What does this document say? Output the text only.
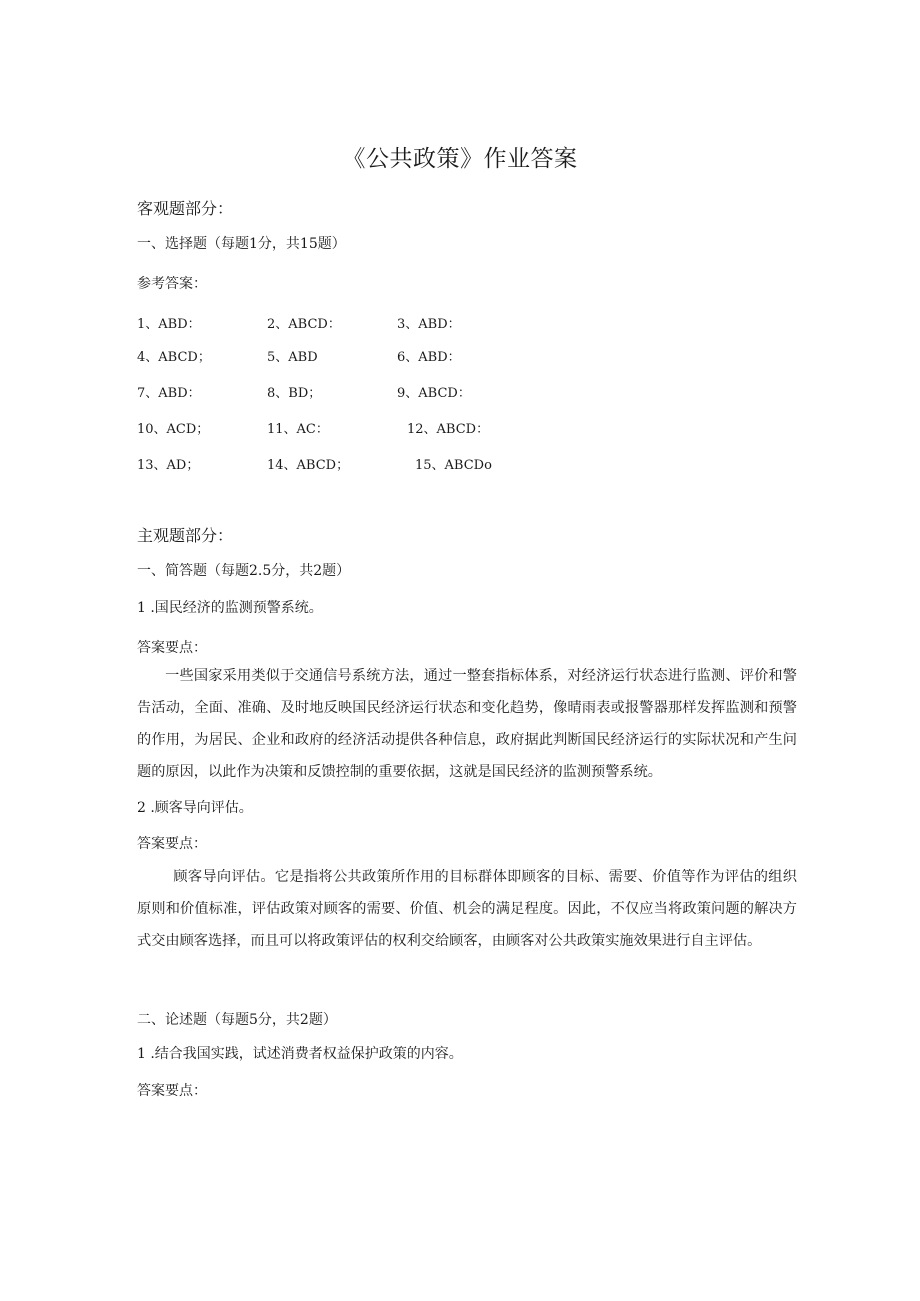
《公共政策》作业答案
客观题部分：
一、选择题（每题1分，共15题）
参考答案：
1、ABD：	2、ABCD：	3、ABD：
4、ABCD；	5、ABD	6、ABD：
7、ABD：	8、BD；	9、ABCD：
10、ACD；	11、AC：	12、ABCD：
13、AD；	14、ABCD；	15、ABCDo
主观题部分：
一、简答题（每题2.5分，共2题）
1 .国民经济的监测预警系统。
答案要点：
一些国家采用类似于交通信号系统方法，通过一整套指标体系，对经济运行状态进行监测、评价和警告活动，全面、准确、及时地反映国民经济运行状态和变化趋势，像晴雨表或报警器那样发挥监测和预警的作用，为居民、企业和政府的经济活动提供各种信息，政府据此判断国民经济运行的实际状况和产生问题的原因，以此作为决策和反馈控制的重要依据，这就是国民经济的监测预警系统。
2 .顾客导向评估。
答案要点：
顾客导向评估。它是指将公共政策所作用的目标群体即顾客的目标、需要、价值等作为评估的组织原则和价值标准，评估政策对顾客的需要、价值、机会的满足程度。因此，不仅应当将政策问题的解决方式交由顾客选择，而且可以将政策评估的权利交给顾客，由顾客对公共政策实施效果进行自主评估。
二、论述题（每题5分，共2题）
1 .结合我国实践，试述消费者权益保护政策的内容。
答案要点：
